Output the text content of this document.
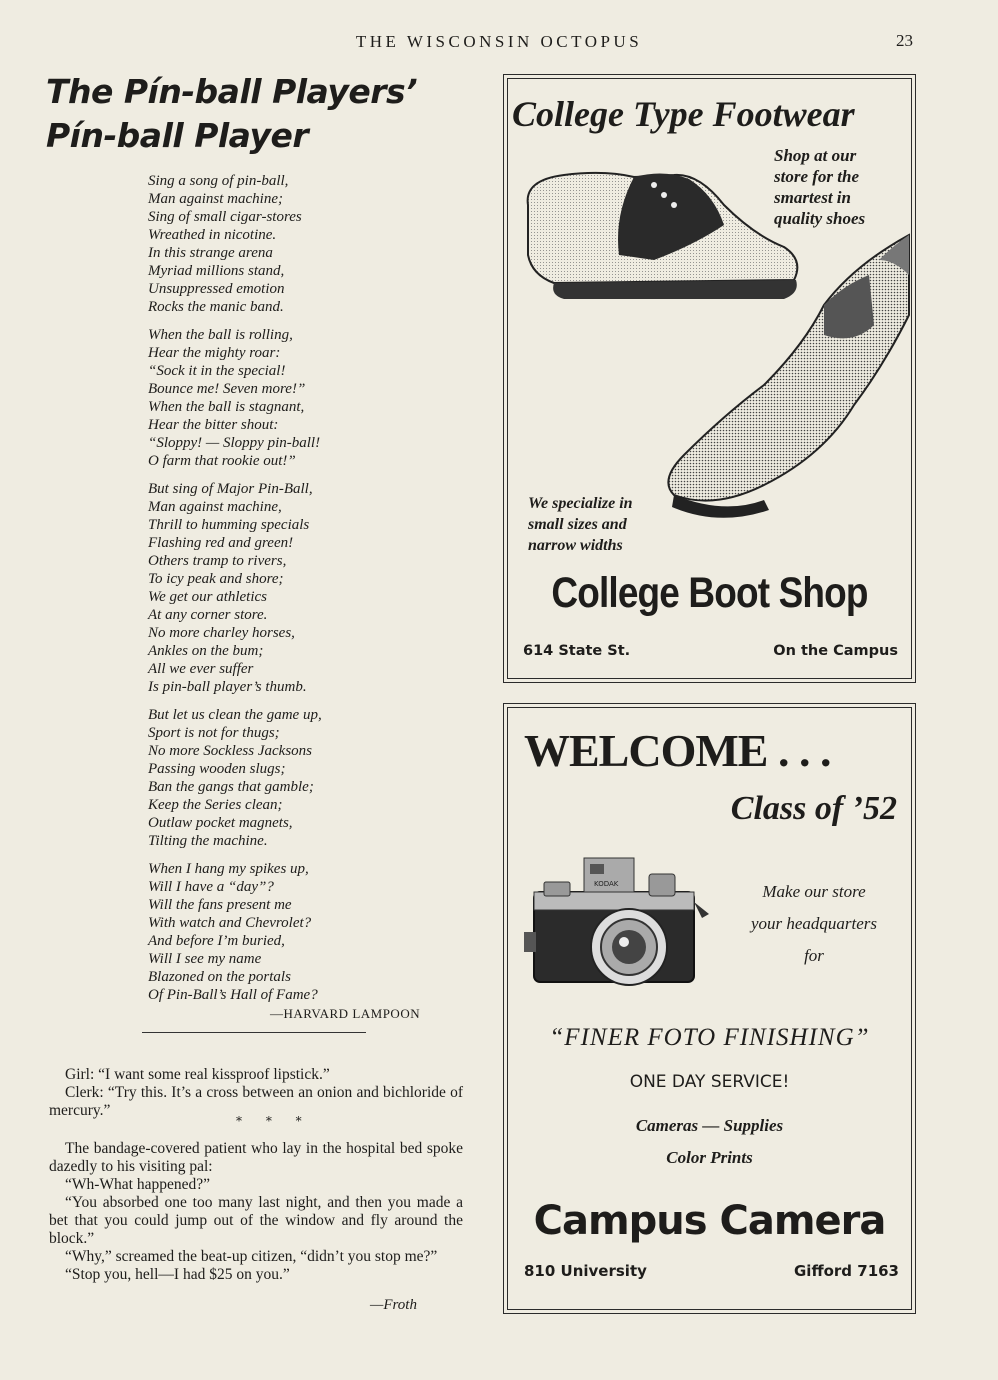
THE WISCONSIN OCTOPUS	23
The Pín-ball Players’
Pín-ball Player
Sing a song of pin-ball,
Man against machine;
Sing of small cigar-stores
Wreathed in nicotine.
In this strange arena
Myriad millions stand,
Unsuppressed emotion
Rocks the manic band.
When the ball is rolling,
Hear the mighty roar:
“Sock it in the special!
Bounce me! Seven more!”
When the ball is stagnant,
Hear the bitter shout:
“Sloppy! — Sloppy pin-ball!
O farm that rookie out!”
But sing of Major Pin-Ball,
Man against machine,
Thrill to humming specials
Flashing red and green!
Others tramp to rivers,
To icy peak and shore;
We get our athletics
At any corner store.
No more charley horses,
Ankles on the bum;
All we ever suffer
Is pin-ball player’s thumb.
But let us clean the game up,
Sport is not for thugs;
No more Sockless Jacksons
Passing wooden slugs;
Ban the gangs that gamble;
Keep the Series clean;
Outlaw pocket magnets,
Tilting the machine.
When I hang my spikes up,
Will I have a “day”?
Will the fans present me
With watch and Chevrolet?
And before I’m buried,
Will I see my name
Blazoned on the portals
Of Pin-Ball’s Hall of Fame?
—HARVARD LAMPOON

Girl: “I want some real kissproof lipstick.”

Clerk: “Try this. It’s a cross between an onion and bichloride of mercury.”

The bandage-covered patient who lay in the hospital bed spoke dazedly to his visiting pal:

“Wh-What happened?”

“You absorbed one too many last night, and then you made a bet that you could jump out of the window and fly around the block.”

“Why,” screamed the beat-up citizen, “didn’t you stop me?”

“Stop you, hell—I had $25 on you.”

* * *
—Froth
College Type Footwear
Shop at our
store for the
smartest in
quality shoes
We specialize in
small sizes and
narrow widths
College Boot Shop
614 State St.	On the Campus
WELCOME . . .
Class of ’52
KODAK	Make our store
your headquarters
for
“FINER FOTO FINISHING”
ONE DAY SERVICE!
Cameras — Supplies
Color Prints
Campus Camera
810 University	Gifford 7163
